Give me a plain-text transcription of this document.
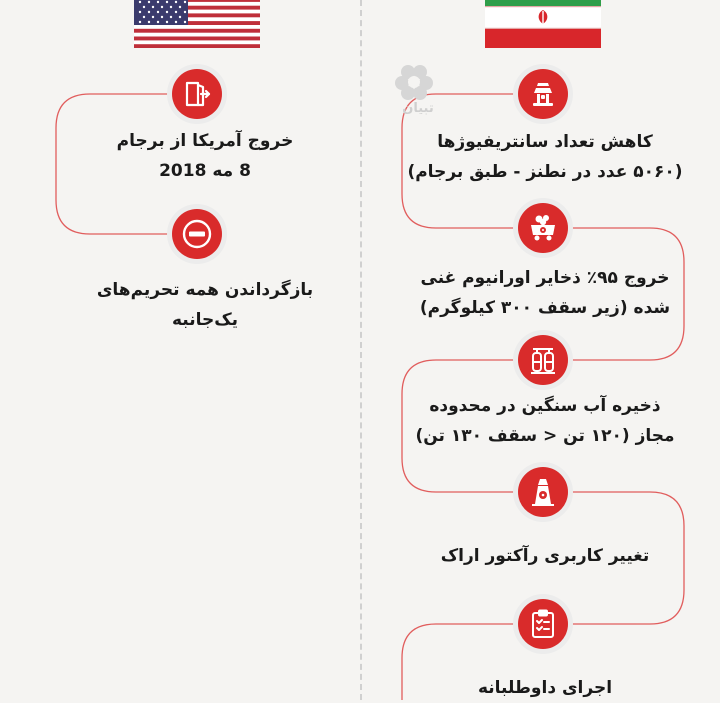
تبیان
خروج آمریکا از برجام
8 مه 2018
بازگرداندن همه تحریم‌های
یک‌جانبه
کاهش تعداد سانتریفیوژها
(۵۰۶۰ عدد در نطنز - طبق برجام)
خروج ۹۵٪ ذخایر اورانیوم غنی
شده (زیر سقف ۳۰۰ کیلوگرم)
ذخیره آب سنگین در محدوده
مجاز (۱۲۰ تن < سقف ۱۳۰ تن)
تغییر کاربری رآکتور اراک
اجرای داوطلبانه
